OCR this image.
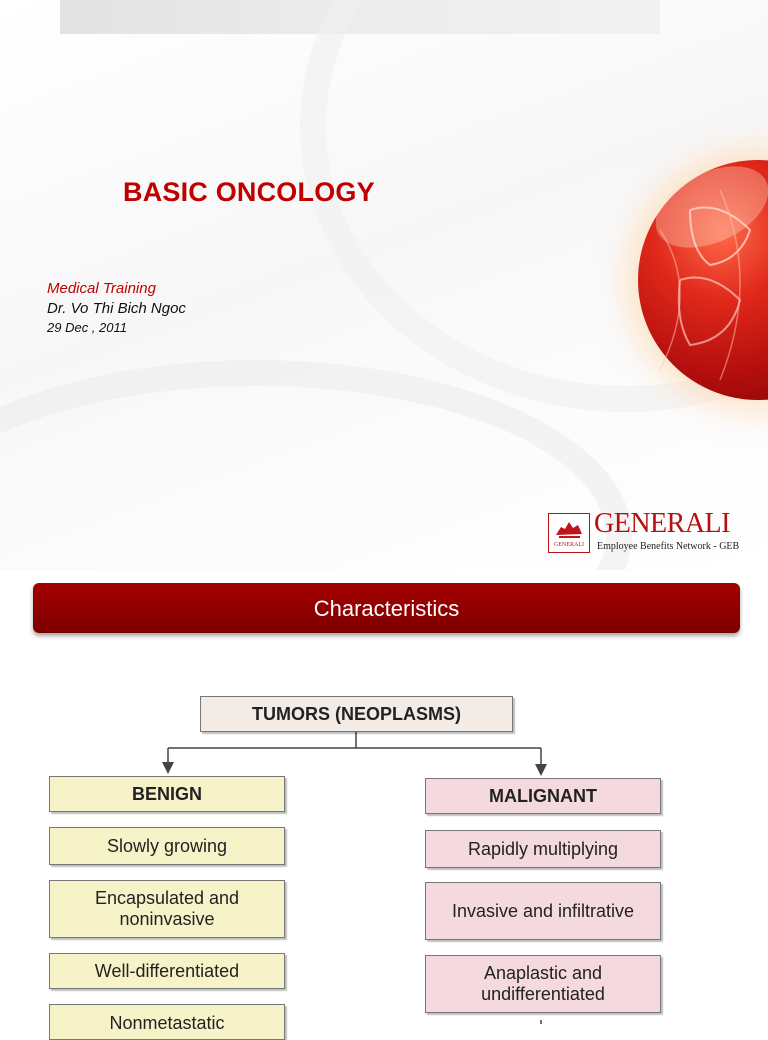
BASIC ONCOLOGY
Medical Training
Dr. Vo Thi Bich Ngoc
29 Dec , 2011
GENERALI
GENERALI
Employee Benefits Network - GEB
Characteristics
TUMORS (NEOPLASMS)
BENIGN
Slowly growing
Encapsulated and noninvasive
Well-differentiated
Nonmetastatic
MALIGNANT
Rapidly multiplying
Invasive and infiltrative
Anaplastic and undifferentiated
